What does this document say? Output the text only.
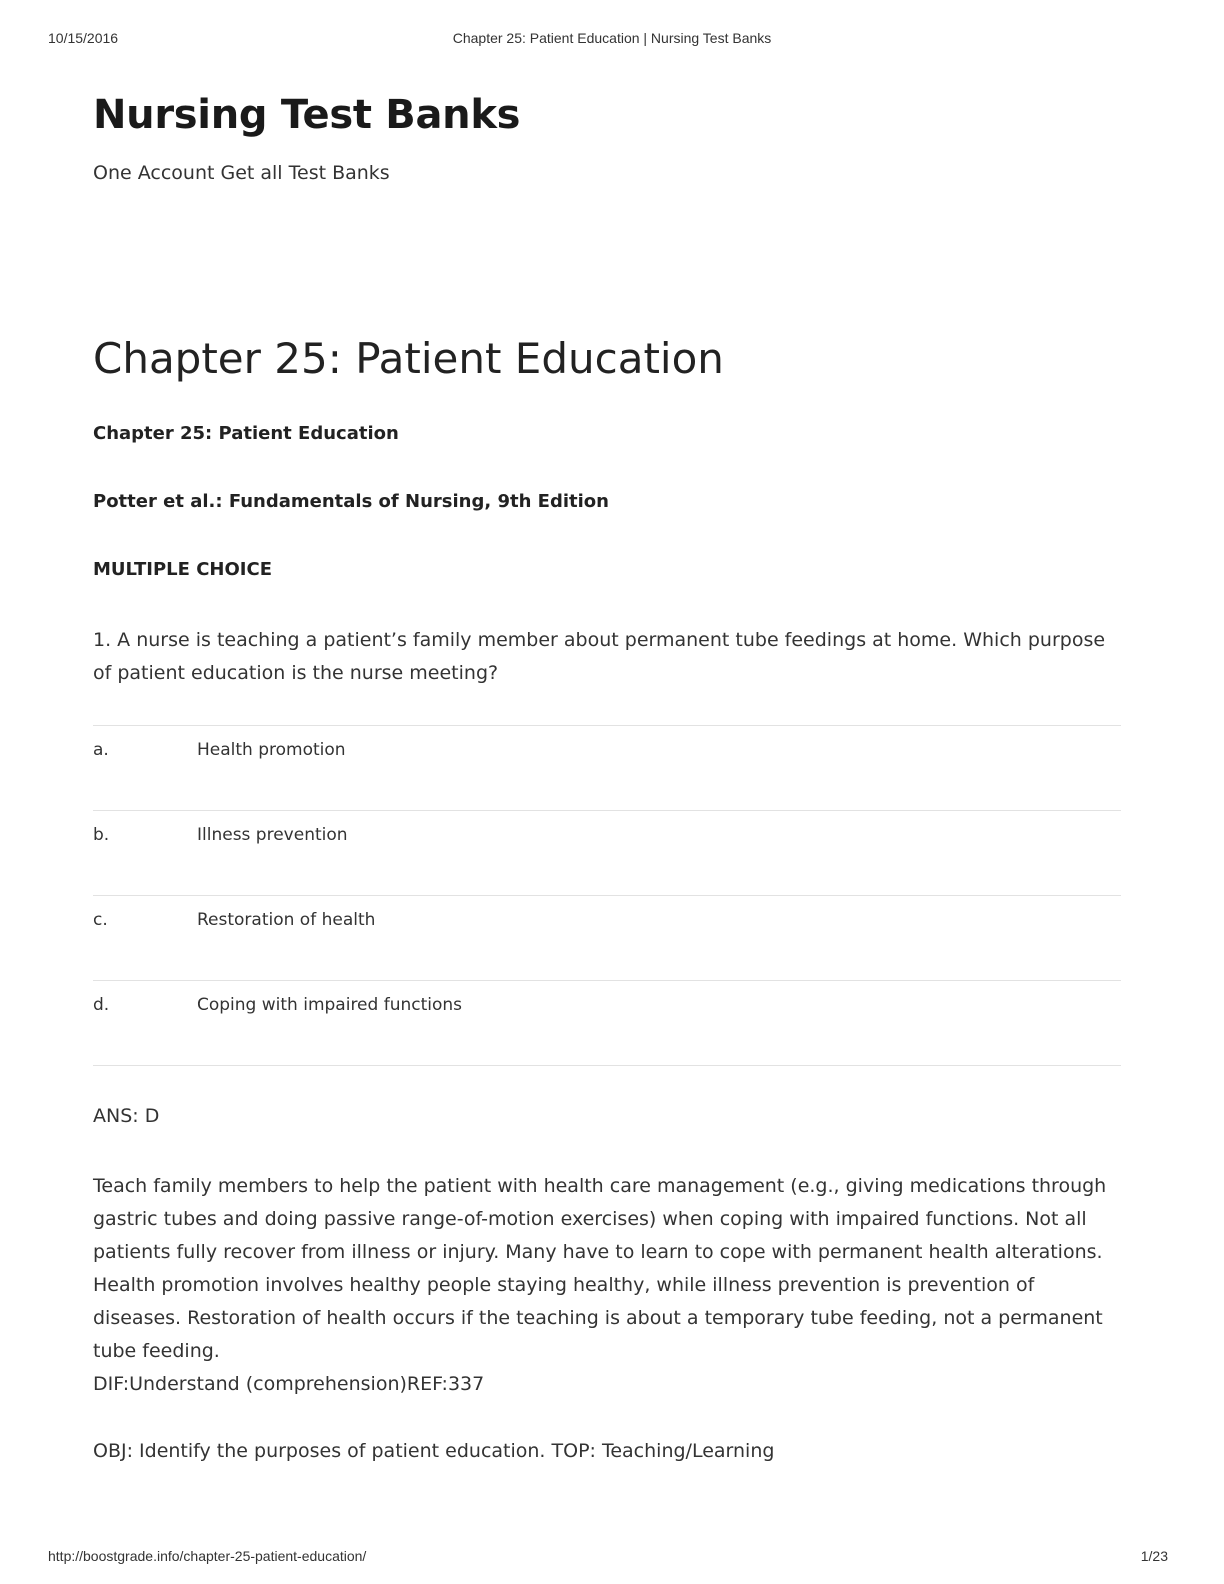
10/15/2016	Chapter 25: Patient Education | Nursing Test Banks
Nursing Test Banks
One Account Get all Test Banks
Chapter 25: Patient Education
Chapter 25: Patient Education
Potter et al.: Fundamentals of Nursing, 9th Edition
MULTIPLE CHOICE
1. A nurse is teaching a patient’s family member about permanent tube feedings at home. Which purpose of patient education is the nurse meeting?
a.	Health promotion
b.	Illness prevention
c.	Restoration of health
d.	Coping with impaired functions
ANS: D
Teach family members to help the patient with health care management (e.g., giving medications through gastric tubes and doing passive range-of-motion exercises) when coping with impaired functions. Not all patients fully recover from illness or injury. Many have to learn to cope with permanent health alterations. Health promotion involves healthy people staying healthy, while illness prevention is prevention of diseases. Restoration of health occurs if the teaching is about a temporary tube feeding, not a permanent tube feeding.
DIF:Understand (comprehension)REF:337
OBJ: Identify the purposes of patient education. TOP: Teaching/Learning
http://boostgrade.info/chapter-25-patient-education/	1/23
